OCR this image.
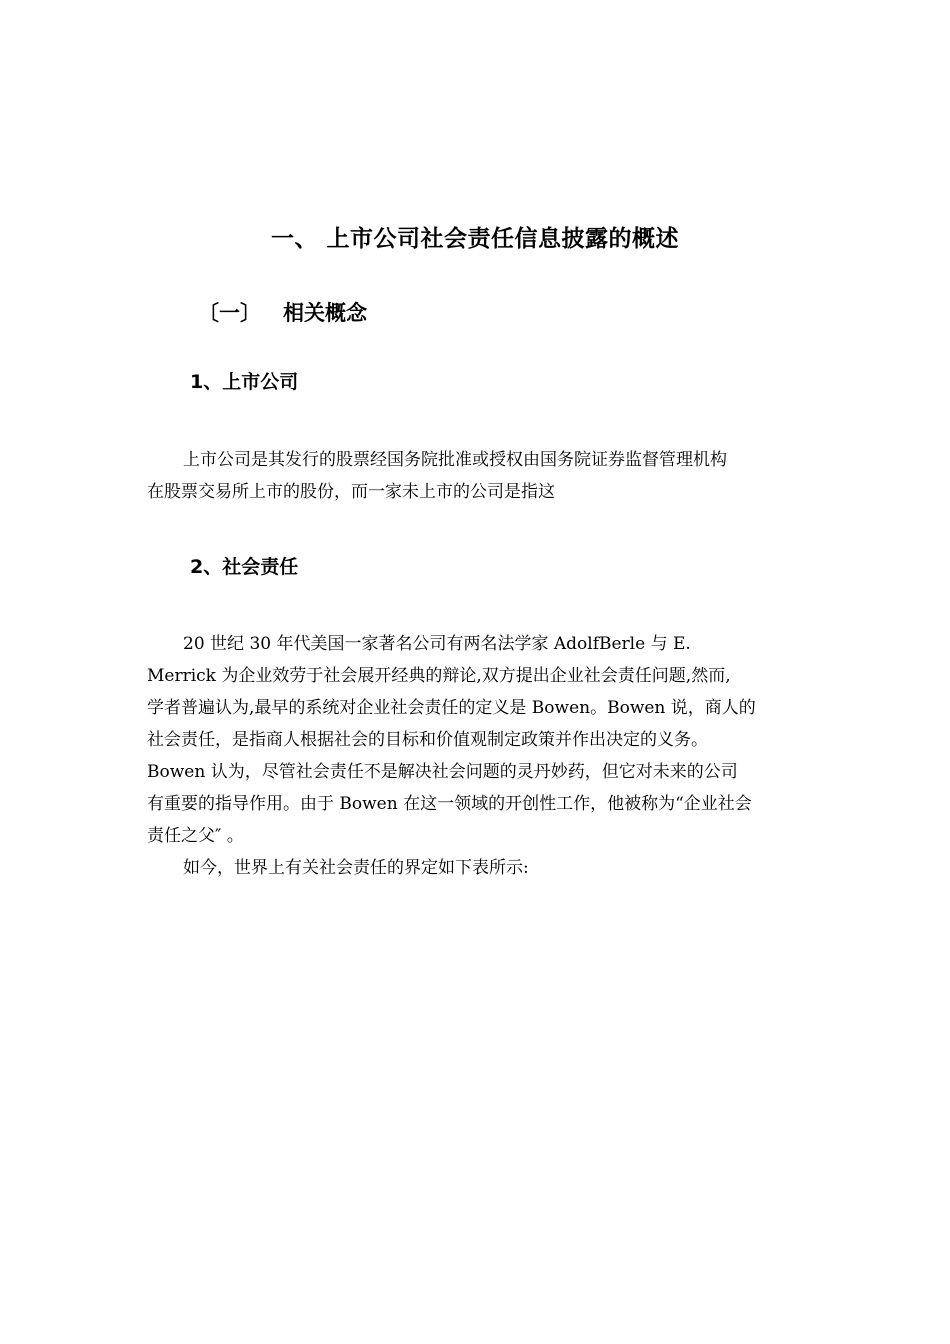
一、 上市公司社会责任信息披露的概述
〔一〕 相关概念
1、上市公司

上市公司是其发行的股票经国务院批准或授权由国务院证券监督管理机构
在股票交易所上市的股份，而一家未上市的公司是指这

2、社会责任

20 世纪 30 年代美国一家著名公司有两名法学家 AdolfBerle 与 E.
Merrick 为企业效劳于社会展开经典的辩论,双方提出企业社会责任问题,然而,
学者普遍认为,最早的系统对企业社会责任的定义是 Bowen。Bowen 说，商人的
社会责任，是指商人根据社会的目标和价值观制定政策并作出决定的义务。
Bowen 认为，尽管社会责任不是解决社会问题的灵丹妙药，但它对未来的公司
有重要的指导作用。由于 Bowen 在这一领域的开创性工作，他被称为“企业社会
责任之父″ 。
如今，世界上有关社会责任的界定如下表所示:
